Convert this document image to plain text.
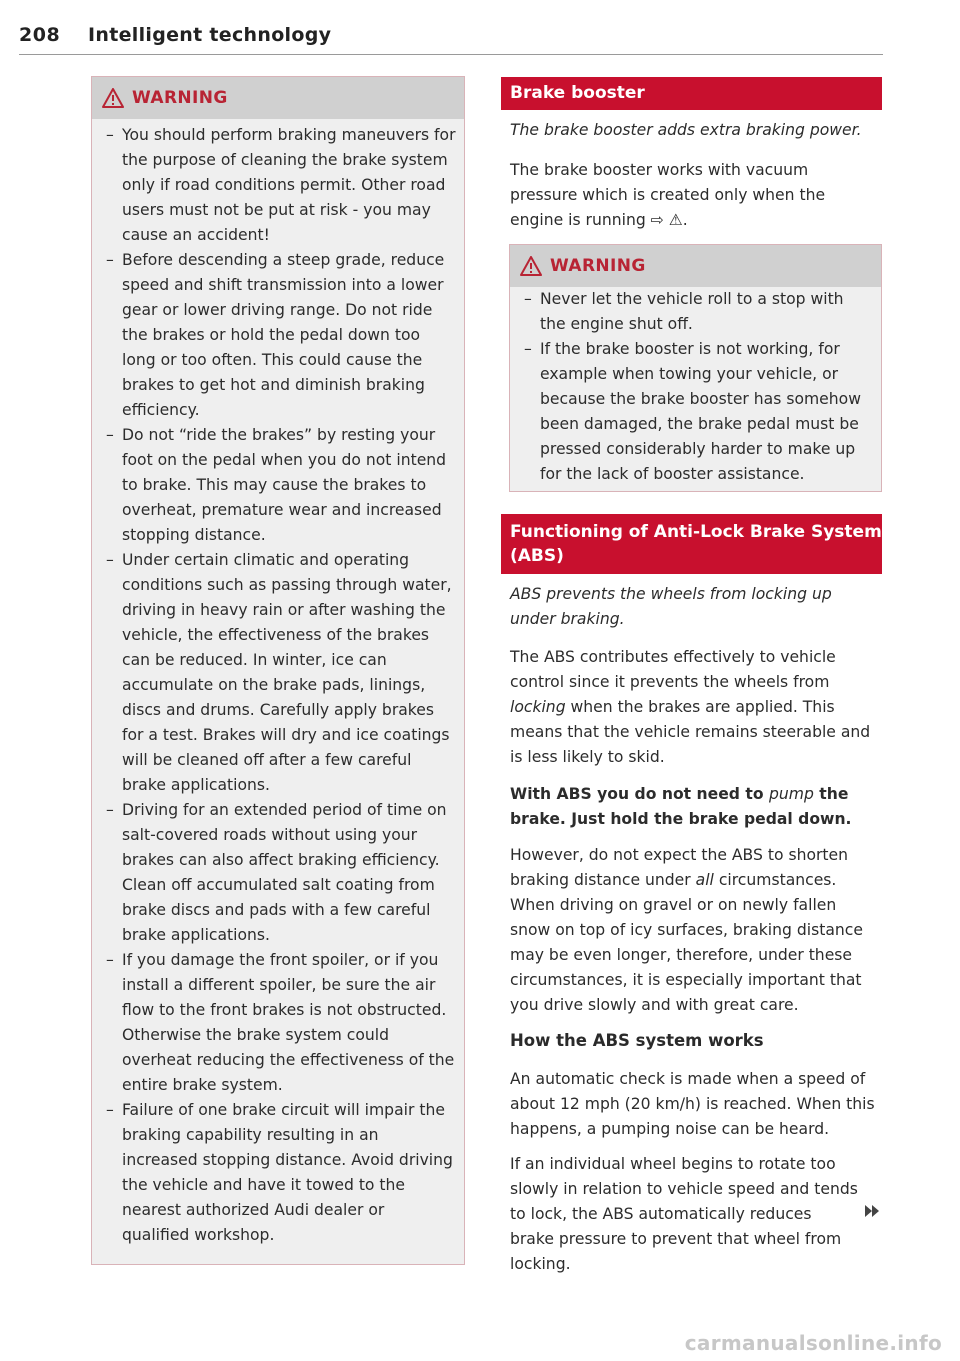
208 Intelligent technology
WARNING
– You should perform braking maneuvers for the purpose of cleaning the brake system only if road conditions permit. Other road users must not be put at risk - you may cause an accident!
– Before descending a steep grade, reduce speed and shift transmission into a lower gear or lower driving range. Do not ride the brakes or hold the pedal down too long or too often. This could cause the brakes to get hot and diminish braking efficiency.
– Do not “ride the brakes” by resting your foot on the pedal when you do not intend to brake. This may cause the brakes to overheat, premature wear and increased stopping distance.
– Under certain climatic and operating conditions such as passing through water, driving in heavy rain or after washing the vehicle, the effectiveness of the brakes can be reduced. In winter, ice can accumulate on the brake pads, linings, discs and drums. Carefully apply brakes for a test. Brakes will dry and ice coatings will be cleaned off after a few careful brake applications.
– Driving for an extended period of time on salt-covered roads without using your brakes can also affect braking efficiency. Clean off accumulated salt coating from brake discs and pads with a few careful brake applications.
– If you damage the front spoiler, or if you install a different spoiler, be sure the air flow to the front brakes is not obstructed. Otherwise the brake system could overheat reducing the effectiveness of the entire brake system.
– Failure of one brake circuit will impair the braking capability resulting in an increased stopping distance. Avoid driving the vehicle and have it towed to the nearest authorized Audi dealer or qualified workshop.
Brake booster

The brake booster adds extra braking power.

The brake booster works with vacuum pressure which is created only when the engine is running ⇨ ⚠.

WARNING
– Never let the vehicle roll to a stop with the engine shut off.
– If the brake booster is not working, for example when towing your vehicle, or because the brake booster has somehow been damaged, the brake pedal must be pressed considerably harder to make up for the lack of booster assistance.
Functioning of Anti-Lock Brake System
(ABS)

ABS prevents the wheels from locking up under braking.

The ABS contributes effectively to vehicle control since it prevents the wheels from locking when the brakes are applied. This means that the vehicle remains steerable and is less likely to skid.

With ABS you do not need to pump the brake. Just hold the brake pedal down.

However, do not expect the ABS to shorten braking distance under all circumstances. When driving on gravel or on newly fallen snow on top of icy surfaces, braking distance may be even longer, therefore, under these circumstances, it is especially important that you drive slowly and with great care.

How the ABS system works

An automatic check is made when a speed of about 12 mph (20 km/h) is reached. When this happens, a pumping noise can be heard.

If an individual wheel begins to rotate too slowly in relation to vehicle speed and tends to lock, the ABS automatically reduces brake pressure to prevent that wheel from locking.

carmanualsonline.info
